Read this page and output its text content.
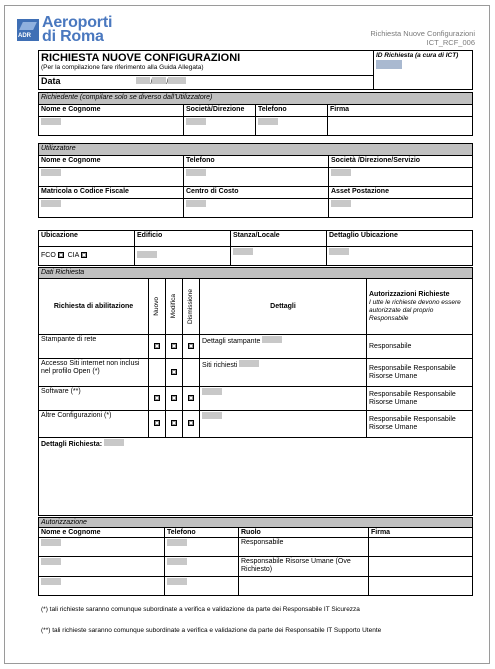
ADR
Aeroporti
di Roma	Richiesta Nuove Configurazioni
ICT_RCF_006
RICHIESTA NUOVE CONFIGURAZIONI
(Per la compilazione fare riferimento alla Guida Allegata)

ID Richiesta (a cura di ICT)

Data
Richiedente (compilare solo se diverso dall'Utilizzatore)			
Nome e Cognome	Società/Direzione	Telefono	Firma

Utilizzatore		
Nome e Cognome	Telefono	Società /Direzione/Servizio

Matricola o Codice Fiscale	Centro di Costo	Asset Postazione

Ubicazione	Edificio	Stanza/Locale	Dettaglio Ubicazione
FCO CIA			
Dati Richiesta					
Richiesta di abilitazione	Nuovo	Modifica	Dismissione	Dettagli	Autorizzazioni Richieste
I utte le richieste devono essere autorizzate dal proprio Responsabile

Stampante di rete				Dettagli stampante	Responsabile
Accesso Siti internet non inclusi nel profilo Open (*)				Siti richiesti	Responsabile Responsabile Risorse Umane
Software (**)					Responsabile Responsabile Risorse Umane
Altre Configurazioni (*)					Responsabile Responsabile Risorse Umane
Dettagli Richiesta:					
Autorizzazione			
Nome e Cognome	Telefono	Ruolo	Firma
		Responsabile	
		Responsabile Risorse Umane (Ove Richiesto)	

(*) tali richieste saranno comunque subordinate a verifica e validazione da parte dei Responsabile IT Sicurezza
(**) tali richieste saranno comunque subordinate a verifica e validazione da parte dei Responsabile IT Supporto Utente
